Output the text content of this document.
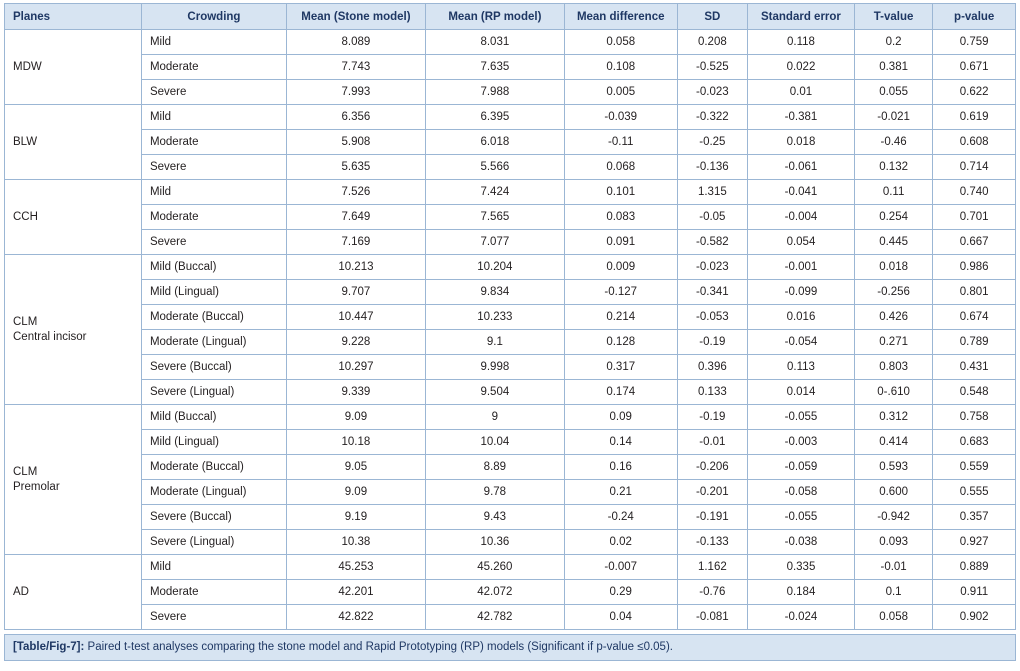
Planes	Crowding	Mean (Stone model)	Mean (RP model)	Mean difference	SD	Standard error	T-value	p-value
MDW	Mild	8.089	8.031	0.058	0.208	0.118	0.2	0.759
	Moderate	7.743	7.635	0.108	-0.525	0.022	0.381	0.671
	Severe	7.993	7.988	0.005	-0.023	0.01	0.055	0.622
BLW	Mild	6.356	6.395	-0.039	-0.322	-0.381	-0.021	0.619
	Moderate	5.908	6.018	-0.11	-0.25	0.018	-0.46	0.608
	Severe	5.635	5.566	0.068	-0.136	-0.061	0.132	0.714
CCH	Mild	7.526	7.424	0.101	1.315	-0.041	0.11	0.740
	Moderate	7.649	7.565	0.083	-0.05	-0.004	0.254	0.701
	Severe	7.169	7.077	0.091	-0.582	0.054	0.445	0.667
CLM
Central incisor	Mild (Buccal)	10.213	10.204	0.009	-0.023	-0.001	0.018	0.986
	Mild (Lingual)	9.707	9.834	-0.127	-0.341	-0.099	-0.256	0.801
	Moderate (Buccal)	10.447	10.233	0.214	-0.053	0.016	0.426	0.674
	Moderate (Lingual)	9.228	9.1	0.128	-0.19	-0.054	0.271	0.789
	Severe (Buccal)	10.297	9.998	0.317	0.396	0.113	0.803	0.431
	Severe (Lingual)	9.339	9.504	0.174	0.133	0.014	0-.610	0.548
CLM
Premolar	Mild (Buccal)	9.09	9	0.09	-0.19	-0.055	0.312	0.758
	Mild (Lingual)	10.18	10.04	0.14	-0.01	-0.003	0.414	0.683
	Moderate (Buccal)	9.05	8.89	0.16	-0.206	-0.059	0.593	0.559
	Moderate (Lingual)	9.09	9.78	0.21	-0.201	-0.058	0.600	0.555
	Severe (Buccal)	9.19	9.43	-0.24	-0.191	-0.055	-0.942	0.357
	Severe (Lingual)	10.38	10.36	0.02	-0.133	-0.038	0.093	0.927
AD	Mild	45.253	45.260	-0.007	1.162	0.335	-0.01	0.889
	Moderate	42.201	42.072	0.29	-0.76	0.184	0.1	0.911
	Severe	42.822	42.782	0.04	-0.081	-0.024	0.058	0.902
[Table/Fig-7]: Paired t-test analyses comparing the stone model and Rapid Prototyping (RP) models (Significant if p-value ≤0.05).
